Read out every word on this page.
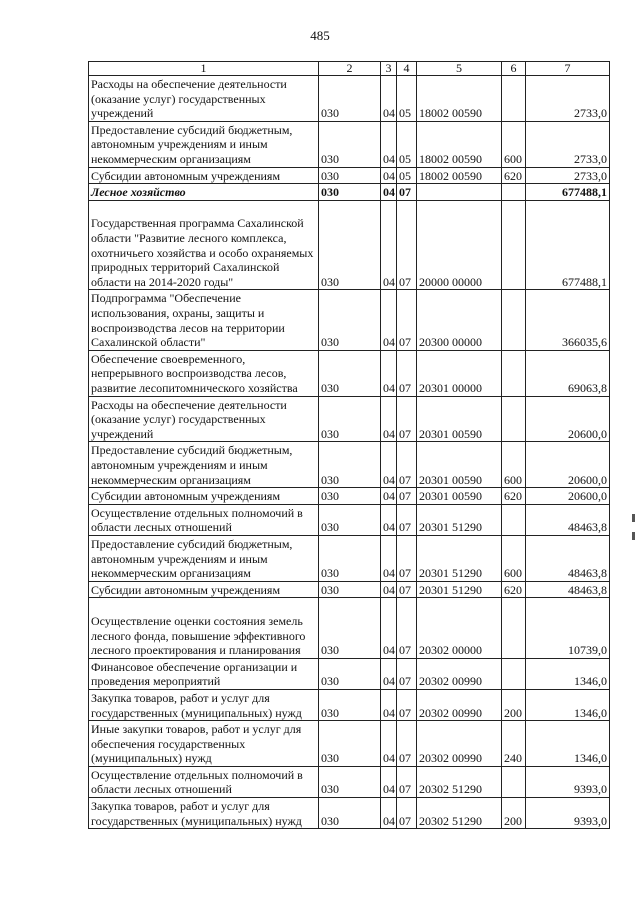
485
1	2	3	4	5	6	7
Расходы на обеспечение деятельности (оказание услуг) государственных учреждений	030	04	05	18002 00590		2733,0
Предоставление субсидий бюджетным, автономным учреждениям и иным некоммерческим организациям	030	04	05	18002 00590	600	2733,0
Субсидии автономным учреждениям	030	04	05	18002 00590	620	2733,0
Лесное хозяйство	030	04	07			677488,1
Государственная программа Сахалинской области "Развитие лесного комплекса, охотничьего хозяйства и особо охраняемых природных территорий Сахалинской области на 2014-2020 годы"	030	04	07	20000 00000		677488,1
Подпрограмма "Обеспечение использования, охраны, защиты и воспроизводства лесов на территории Сахалинской области"	030	04	07	20300 00000		366035,6
Обеспечение своевременного, непрерывного воспроизводства лесов, развитие лесопитомнического хозяйства	030	04	07	20301 00000		69063,8
Расходы на обеспечение деятельности (оказание услуг) государственных учреждений	030	04	07	20301 00590		20600,0
Предоставление субсидий бюджетным, автономным учреждениям и иным некоммерческим организациям	030	04	07	20301 00590	600	20600,0
Субсидии автономным учреждениям	030	04	07	20301 00590	620	20600,0
Осуществление отдельных полномочий в области лесных отношений	030	04	07	20301 51290		48463,8
Предоставление субсидий бюджетным, автономным учреждениям и иным некоммерческим организациям	030	04	07	20301 51290	600	48463,8
Субсидии автономным учреждениям	030	04	07	20301 51290	620	48463,8
Осуществление оценки состояния земель лесного фонда, повышение эффективного лесного проектирования и планирования	030	04	07	20302 00000		10739,0
Финансовое обеспечение организации и проведения мероприятий	030	04	07	20302 00990		1346,0
Закупка товаров, работ и услуг для государственных (муниципальных) нужд	030	04	07	20302 00990	200	1346,0
Иные закупки товаров, работ и услуг для обеспечения государственных (муниципальных) нужд	030	04	07	20302 00990	240	1346,0
Осуществление отдельных полномочий в области лесных отношений	030	04	07	20302 51290		9393,0
Закупка товаров, работ и услуг для государственных (муниципальных) нужд	030	04	07	20302 51290	200	9393,0
